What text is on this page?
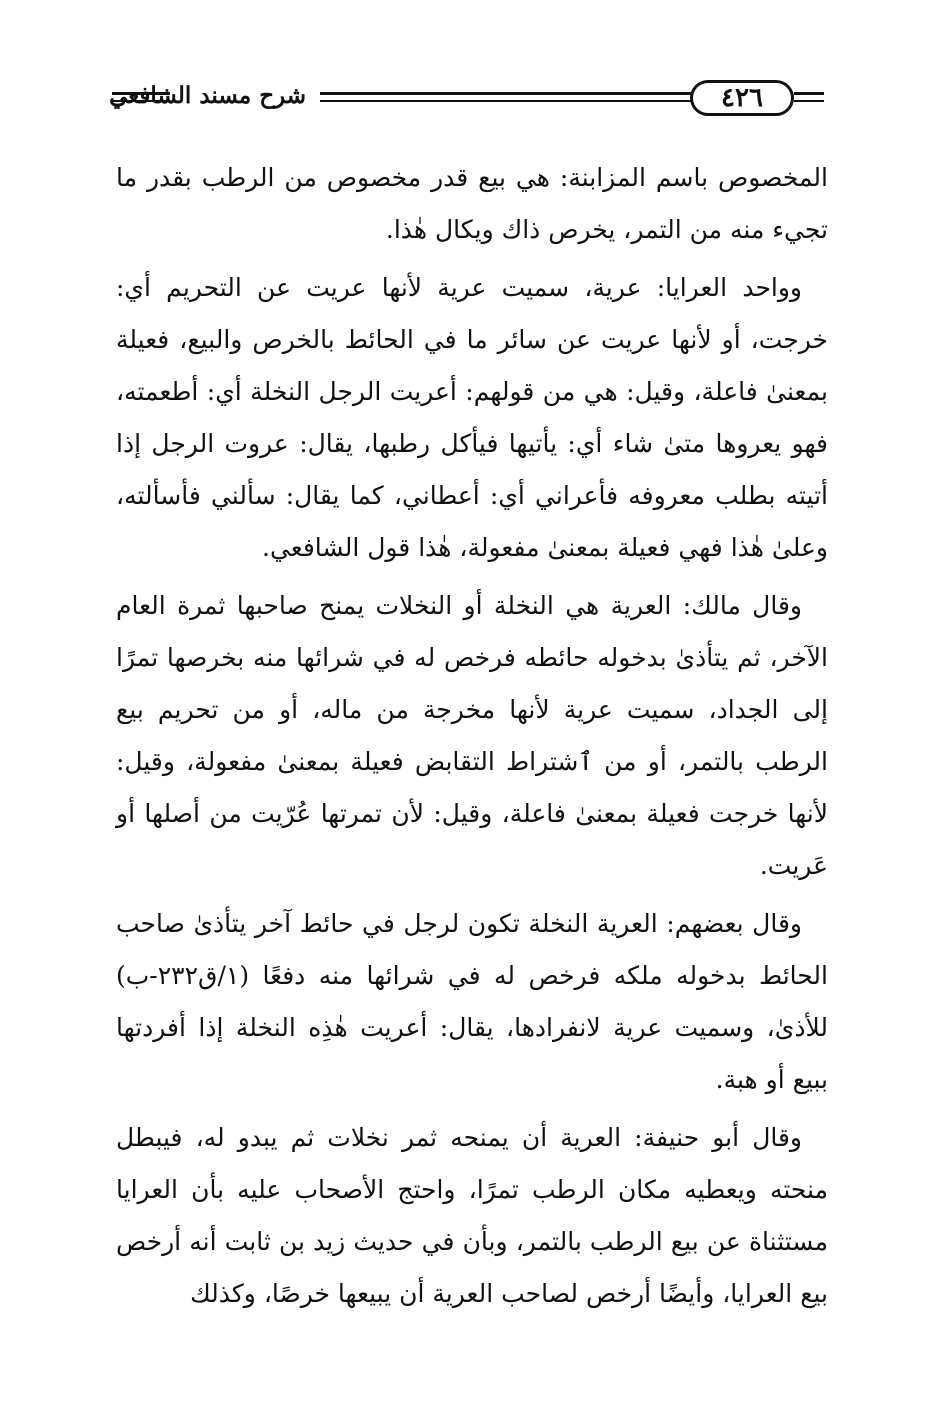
شرح مسند الشافعي	٤٢٦

المخصوص باسم المزابنة: هي بيع قدر مخصوص من الرطب بقدر ما تجيء منه من التمر، يخرص ذاك ويكال هٰذا.

وواحد العرايا: عرية، سميت عرية لأنها عريت عن التحريم أي: خرجت، أو لأنها عريت عن سائر ما في الحائط بالخرص والبيع، فعيلة بمعنىٰ فاعلة، وقيل: هي من قولهم: أعريت الرجل النخلة أي: أطعمته، فهو يعروها متىٰ شاء أي: يأتيها فيأكل رطبها، يقال: عروت الرجل إذا أتيته بطلب معروفه فأعراني أي: أعطاني، كما يقال: سألني فأسألته، وعلىٰ هٰذا فهي فعيلة بمعنىٰ مفعولة، هٰذا قول الشافعي.

وقال مالك: العرية هي النخلة أو النخلات يمنح صاحبها ثمرة العام الآخر، ثم يتأذىٰ بدخوله حائطه فرخص له في شرائها منه بخرصها تمرًا إلى الجداد، سميت عرية لأنها مخرجة من ماله، أو من تحريم بيع الرطب بالتمر، أو من ٱشتراط التقابض فعيلة بمعنىٰ مفعولة، وقيل: لأنها خرجت فعيلة بمعنىٰ فاعلة، وقيل: لأن تمرتها عُرّيت من أصلها أو عَريت.

وقال بعضهم: العرية النخلة تكون لرجل في حائط آخر يتأذىٰ صاحب الحائط بدخوله ملكه فرخص له في شرائها منه دفعًا (١/ق٢٣٢-ب) للأذىٰ، وسميت عرية لانفرادها، يقال: أعريت هٰذِه النخلة إذا أفردتها ببيع أو هبة.

وقال أبو حنيفة: العرية أن يمنحه ثمر نخلات ثم يبدو له، فيبطل منحته ويعطيه مكان الرطب تمرًا، واحتج الأصحاب عليه بأن العرايا مستثناة عن بيع الرطب بالتمر، وبأن في حديث زيد بن ثابت أنه أرخص بيع العرايا، وأيضًا أرخص لصاحب العرية أن يبيعها خرصًا، وكذلك
